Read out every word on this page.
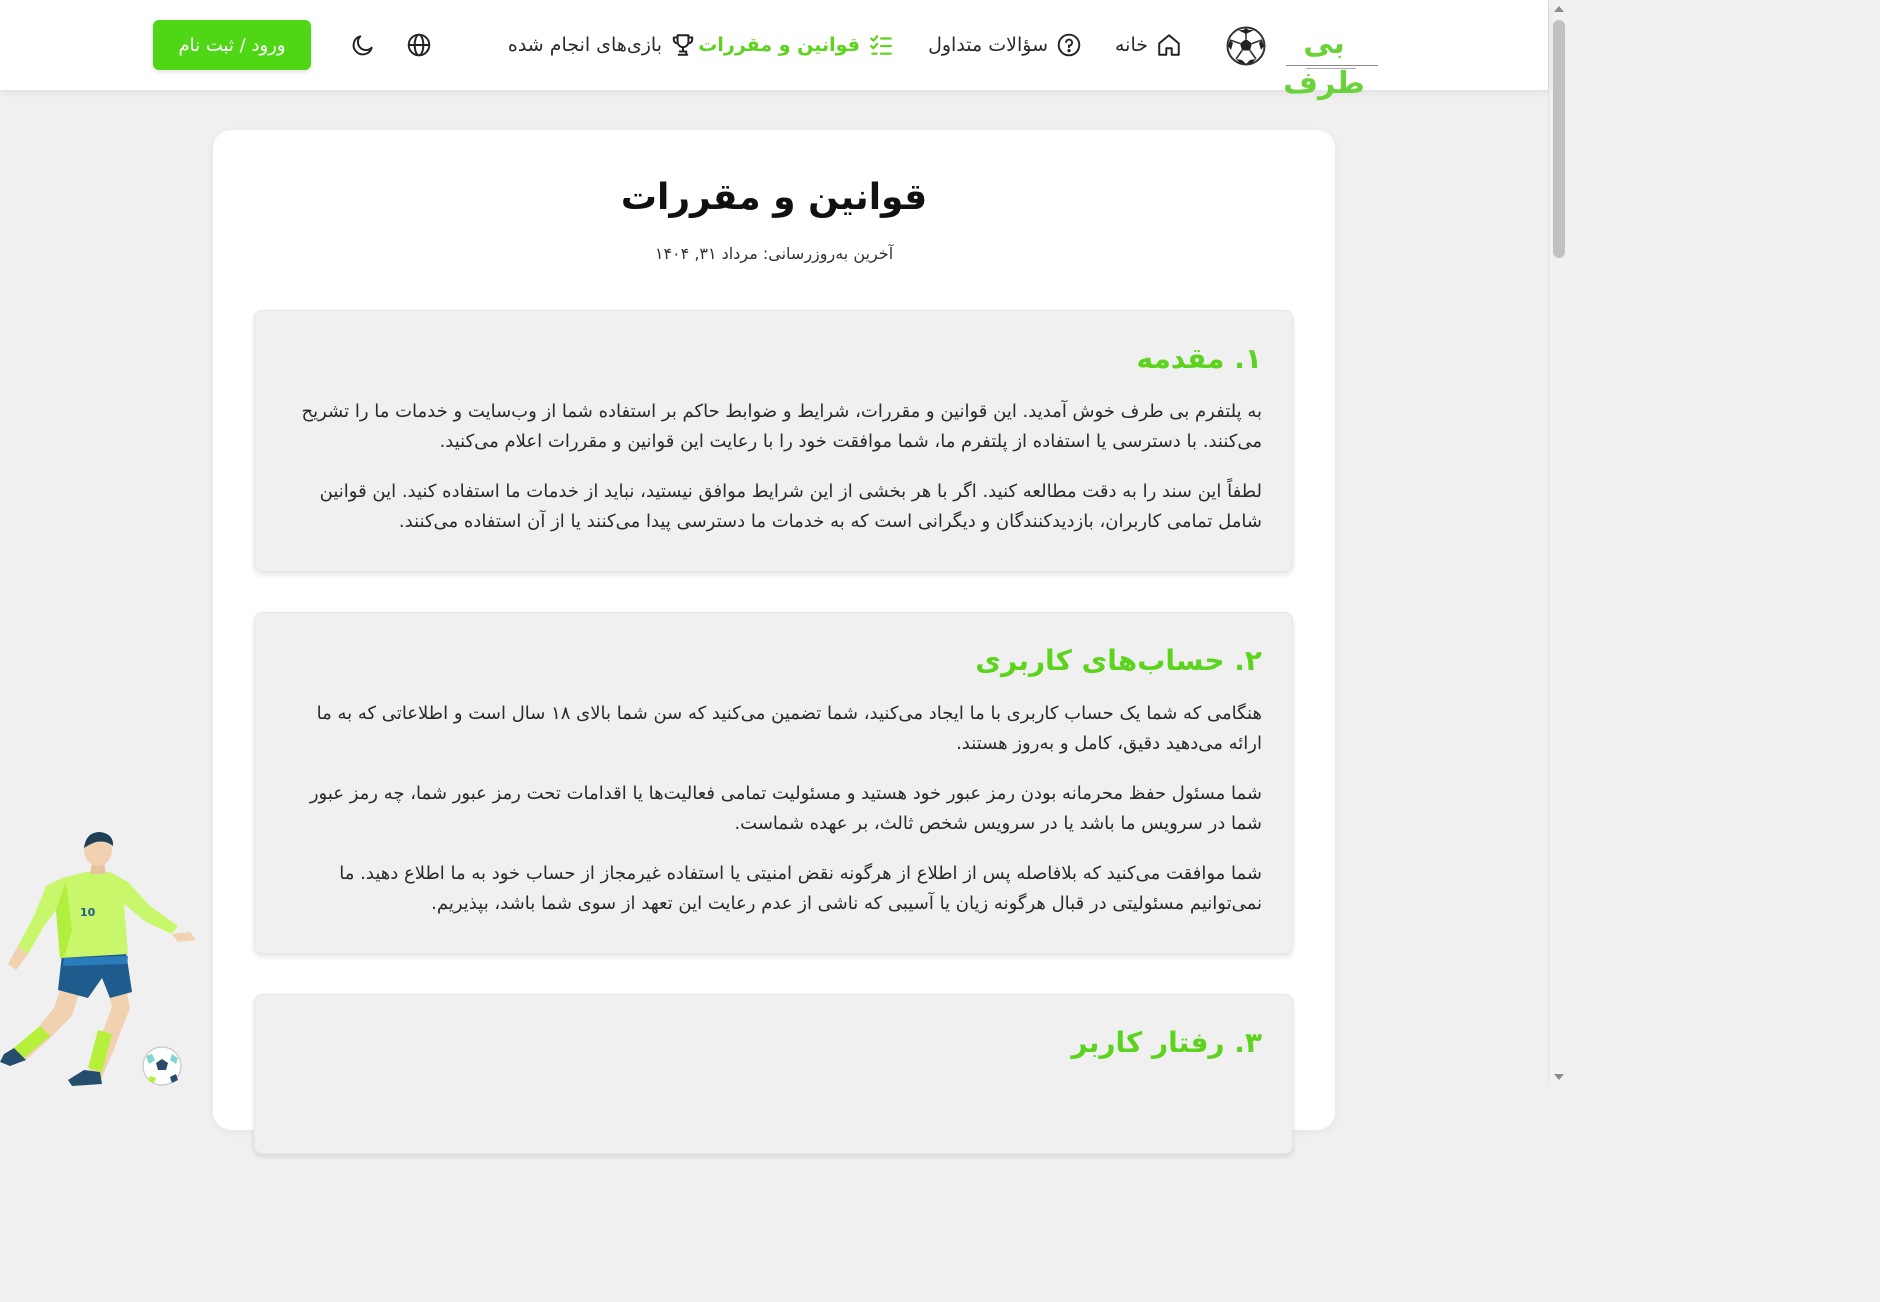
بی طرف
خانه
سؤالات متداول
قوانین و مقررات
بازی‌های انجام شده
ورود / ثبت نام
قوانین و مقررات
آخرین به‌روزرسانی: مرداد ۳۱, ۱۴۰۴
۱. مقدمه

به پلتفرم بی طرف خوش آمدید. این قوانین و مقررات، شرایط و ضوابط حاکم بر استفاده شما از وب‌سایت و خدمات ما را تشریح می‌کنند. با دسترسی یا استفاده از پلتفرم ما، شما موافقت خود را با رعایت این قوانین و مقررات اعلام می‌کنید.

لطفاً این سند را به دقت مطالعه کنید. اگر با هر بخشی از این شرایط موافق نیستید، نباید از خدمات ما استفاده کنید. این قوانین شامل تمامی کاربران، بازدیدکنندگان و دیگرانی است که به خدمات ما دسترسی پیدا می‌کنند یا از آن استفاده می‌کنند.

۲. حساب‌های کاربری

هنگامی که شما یک حساب کاربری با ما ایجاد می‌کنید، شما تضمین می‌کنید که سن شما بالای ۱۸ سال است و اطلاعاتی که به ما ارائه می‌دهید دقیق، کامل و به‌روز هستند.

شما مسئول حفظ محرمانه بودن رمز عبور خود هستید و مسئولیت تمامی فعالیت‌ها یا اقدامات تحت رمز عبور شما، چه رمز عبور شما در سرویس ما باشد یا در سرویس شخص ثالث، بر عهده شماست.

شما موافقت می‌کنید که بلافاصله پس از اطلاع از هرگونه نقض امنیتی یا استفاده غیرمجاز از حساب خود به ما اطلاع دهید. ما نمی‌توانیم مسئولیتی در قبال هرگونه زیان یا آسیبی که ناشی از عدم رعایت این تعهد از سوی شما باشد، بپذیریم.

۳. رفتار کاربر
10
